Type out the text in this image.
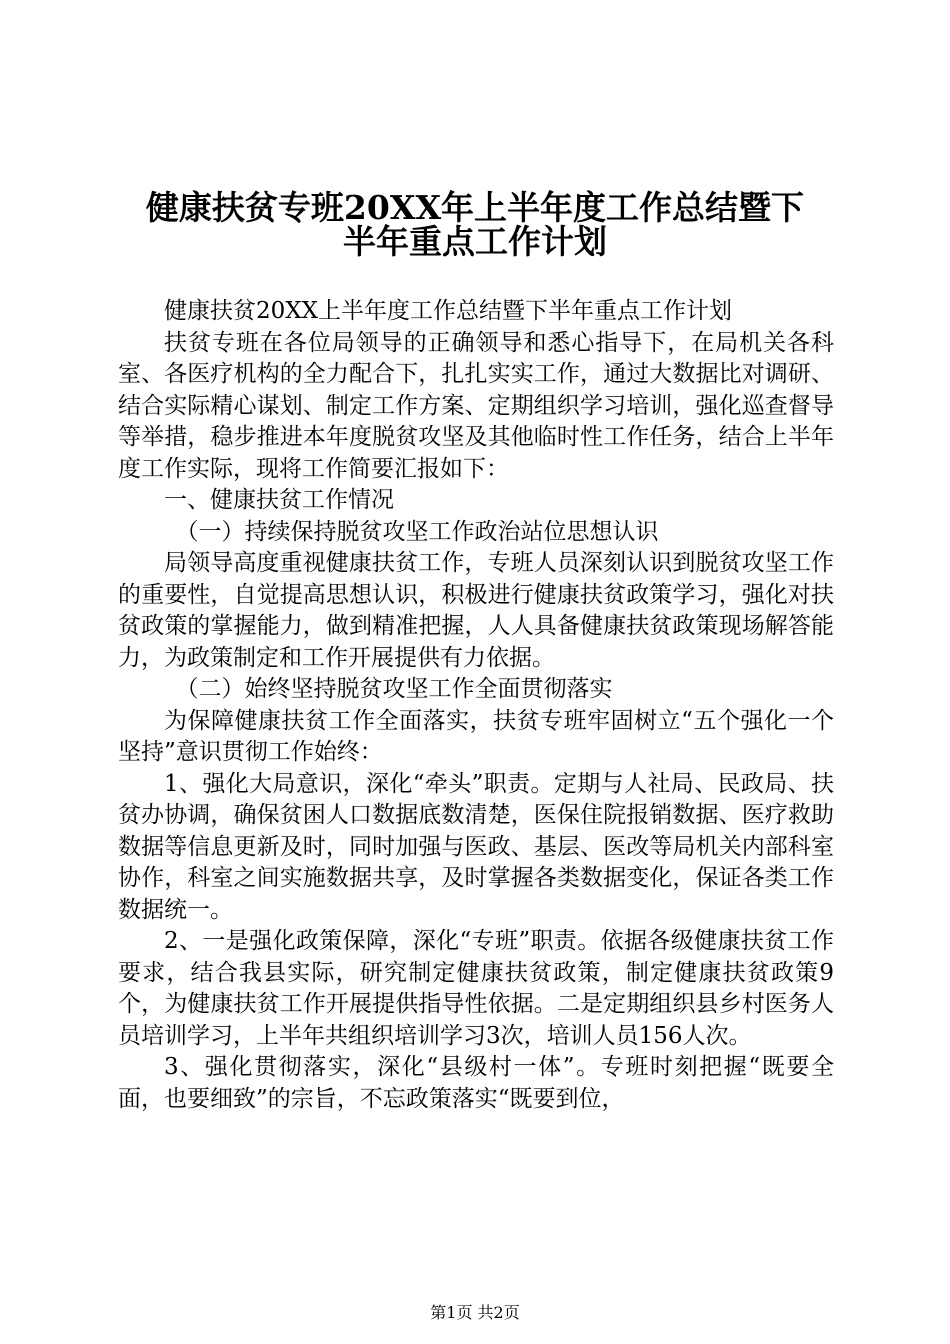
健康扶贫专班20XX年上半年度工作总结暨下
半年重点工作计划

健康扶贫20XX上半年度工作总结暨下半年重点工作计划

扶贫专班在各位局领导的正确领导和悉心指导下，在局机关各科室、各医疗机构的全力配合下，扎扎实实工作，通过大数据比对调研、结合实际精心谋划、制定工作方案、定期组织学习培训，强化巡查督导等举措，稳步推进本年度脱贫攻坚及其他临时性工作任务，结合上半年度工作实际，现将工作简要汇报如下：

一、健康扶贫工作情况

（一）持续保持脱贫攻坚工作政治站位思想认识

局领导高度重视健康扶贫工作，专班人员深刻认识到脱贫攻坚工作的重要性，自觉提高思想认识，积极进行健康扶贫政策学习，强化对扶贫政策的掌握能力，做到精准把握，人人具备健康扶贫政策现场解答能力，为政策制定和工作开展提供有力依据。

（二）始终坚持脱贫攻坚工作全面贯彻落实

为保障健康扶贫工作全面落实，扶贫专班牢固树立“五个强化一个坚持”意识贯彻工作始终：

1、强化大局意识，深化“牵头”职责。定期与人社局、民政局、扶贫办协调，确保贫困人口数据底数清楚，医保住院报销数据、医疗救助数据等信息更新及时，同时加强与医政、基层、医改等局机关内部科室协作，科室之间实施数据共享，及时掌握各类数据变化，保证各类工作数据统一。

2、一是强化政策保障，深化“专班”职责。依据各级健康扶贫工作要求，结合我县实际，研究制定健康扶贫政策，制定健康扶贫政策9个，为健康扶贫工作开展提供指导性依据。二是定期组织县乡村医务人员培训学习，上半年共组织培训学习3次，培训人员156人次。

3、强化贯彻落实，深化“县级村一体”。专班时刻把握“既要全面，也要细致”的宗旨，不忘政策落实“既要到位，

第1页 共2页
